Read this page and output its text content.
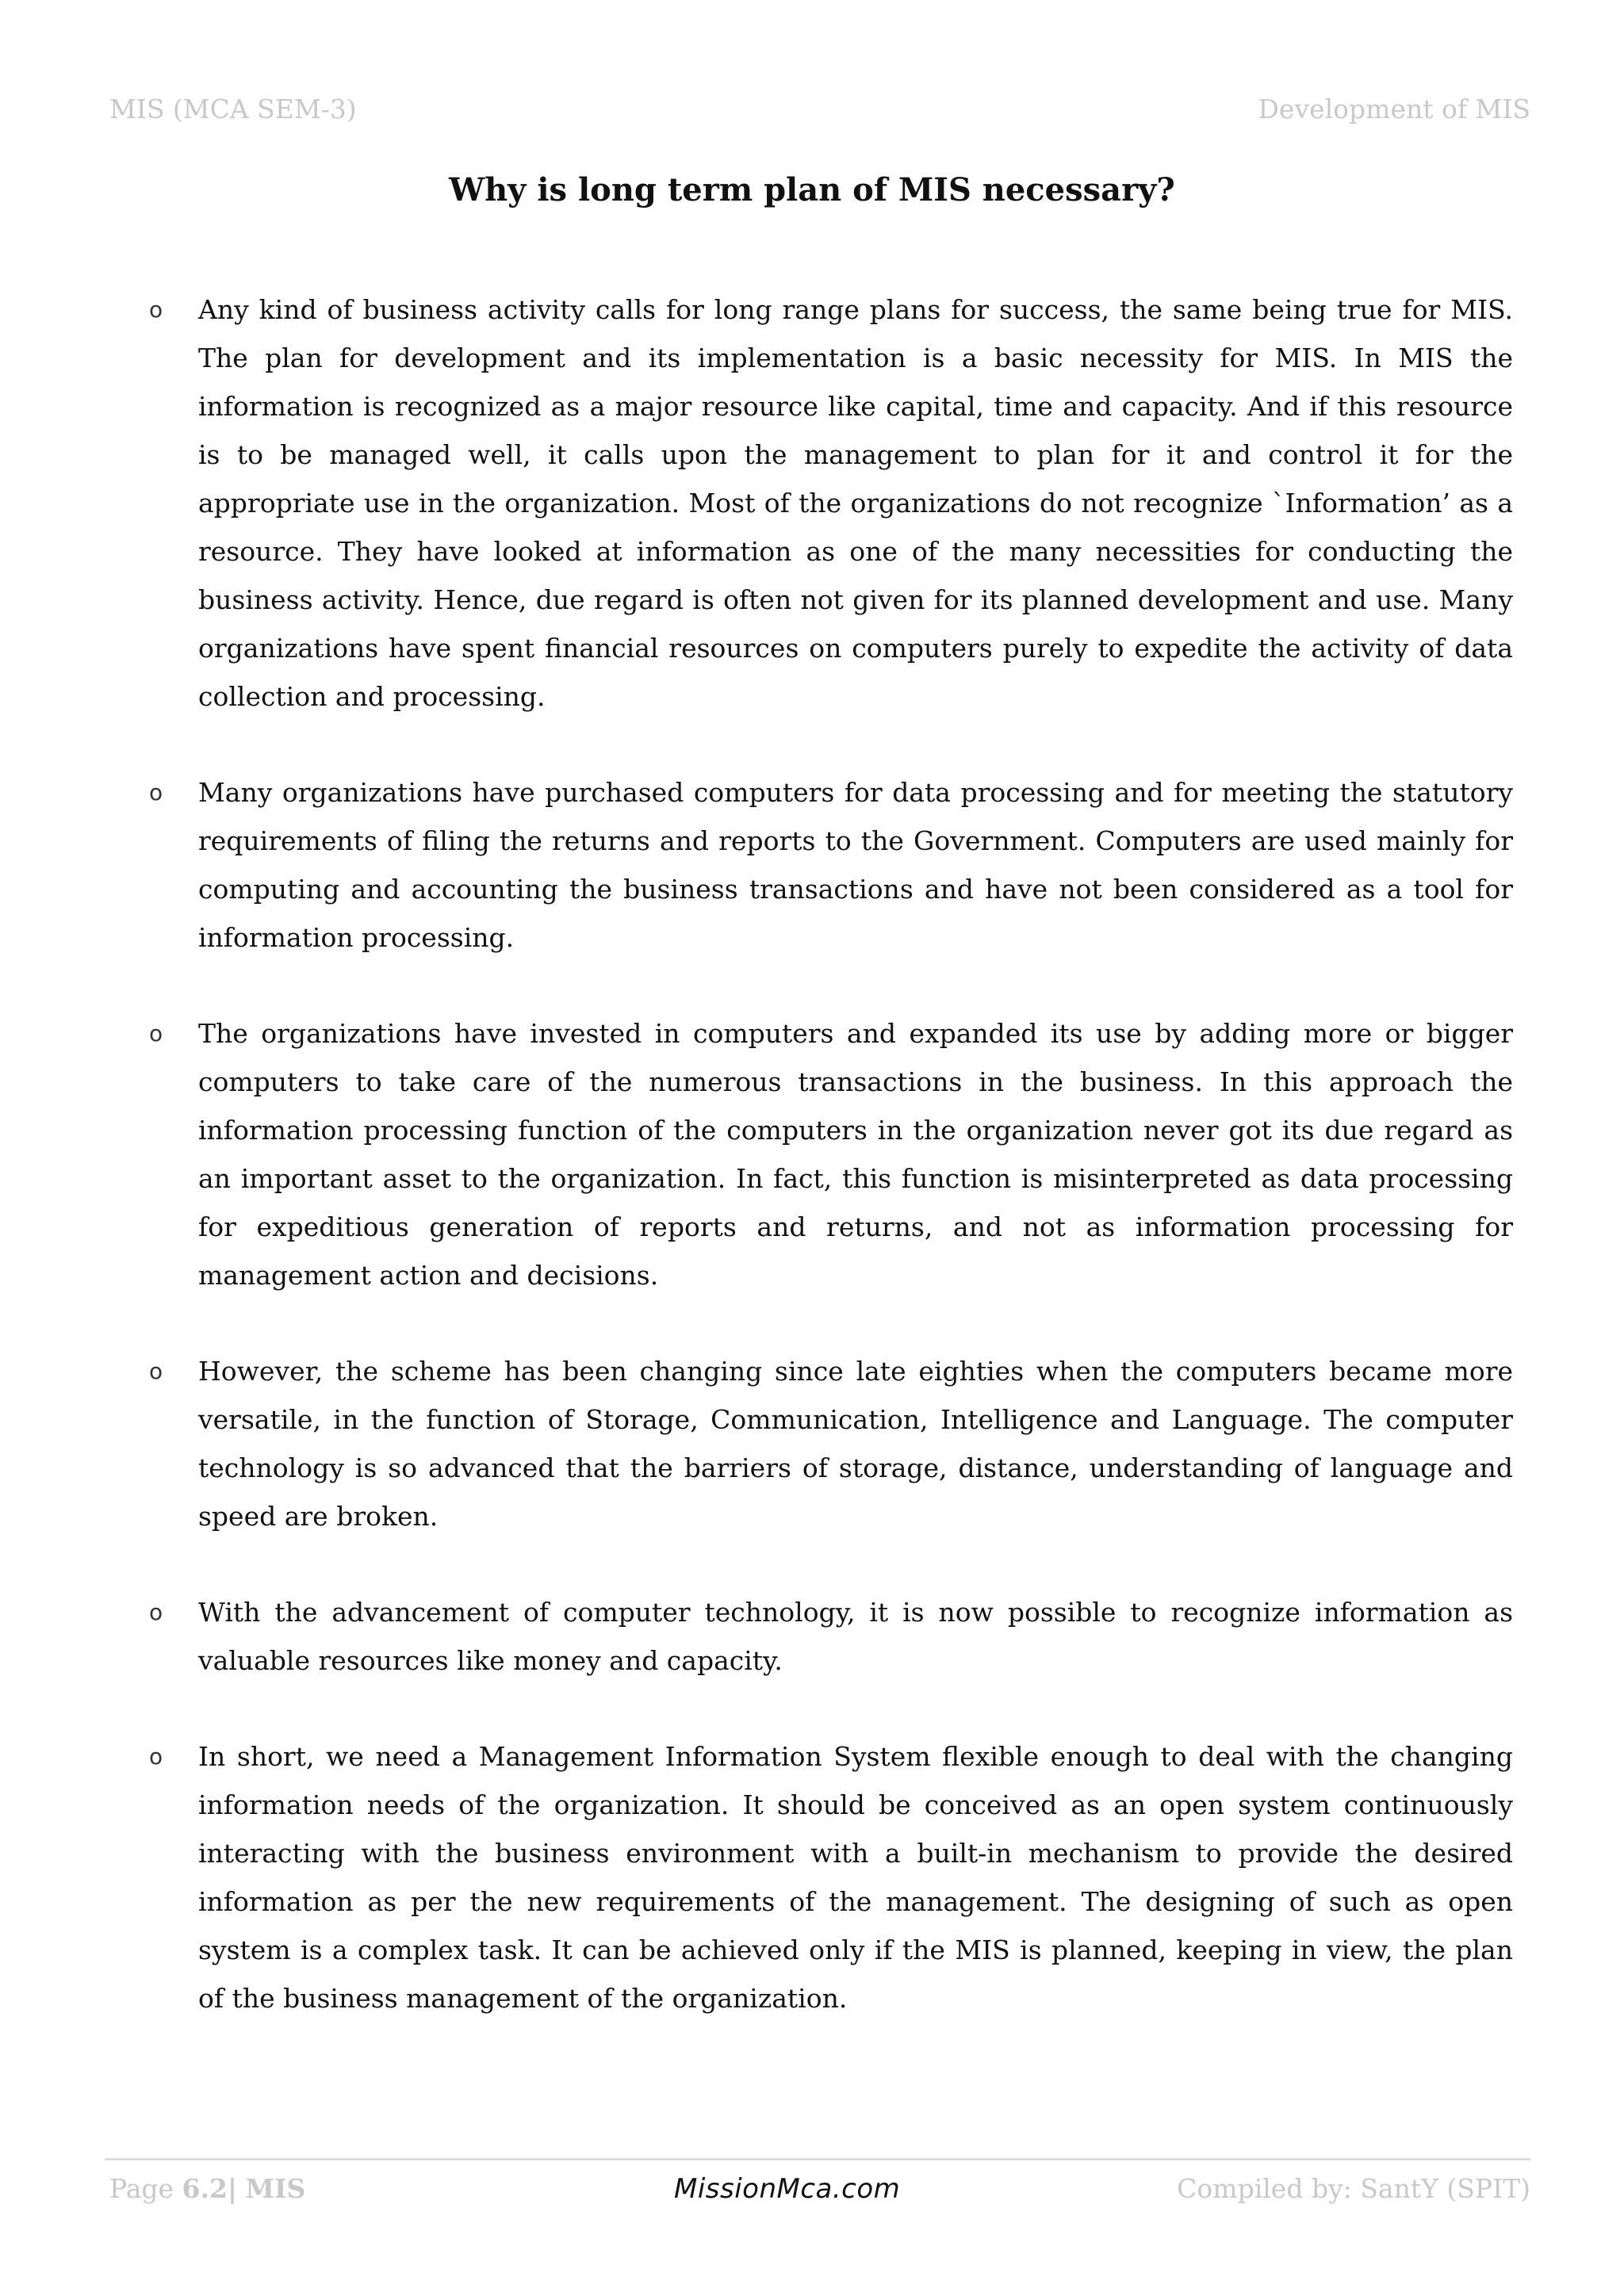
MIS (MCA SEM-3)	Development of MIS
Why is long term plan of MIS necessary?
o Any kind of business activity calls for long range plans for success, the same being true for MIS. The plan for development and its implementation is a basic necessity for MIS. In MIS the information is recognized as a major resource like capital, time and capacity. And if this resource is to be managed well, it calls upon the management to plan for it and control it for the appropriate use in the organization. Most of the organizations do not recognize `Information’ as a resource. They have looked at information as one of the many necessities for conducting the business activity. Hence, due regard is often not given for its planned development and use. Many organizations have spent financial resources on computers purely to expedite the activity of data collection and processing.
o Many organizations have purchased computers for data processing and for meeting the statutory requirements of filing the returns and reports to the Government. Computers are used mainly for computing and accounting the business transactions and have not been considered as a tool for information processing.
o The organizations have invested in computers and expanded its use by adding more or bigger computers to take care of the numerous transactions in the business. In this approach the information processing function of the computers in the organization never got its due regard as an important asset to the organization. In fact, this function is misinterpreted as data processing for expeditious generation of reports and returns, and not as information processing for management action and decisions.
o However, the scheme has been changing since late eighties when the computers became more versatile, in the function of Storage, Communication, Intelligence and Language. The computer technology is so advanced that the barriers of storage, distance, understanding of language and speed are broken.
o With the advancement of computer technology, it is now possible to recognize information as valuable resources like money and capacity.
o In short, we need a Management Information System flexible enough to deal with the changing information needs of the organization. It should be conceived as an open system continuously interacting with the business environment with a built-in mechanism to provide the desired information as per the new requirements of the management. The designing of such as open system is a complex task. It can be achieved only if the MIS is planned, keeping in view, the plan of the business management of the organization.
Page 6.2| MIS	MissionMca.com	Compiled by: SantY (SPIT)
